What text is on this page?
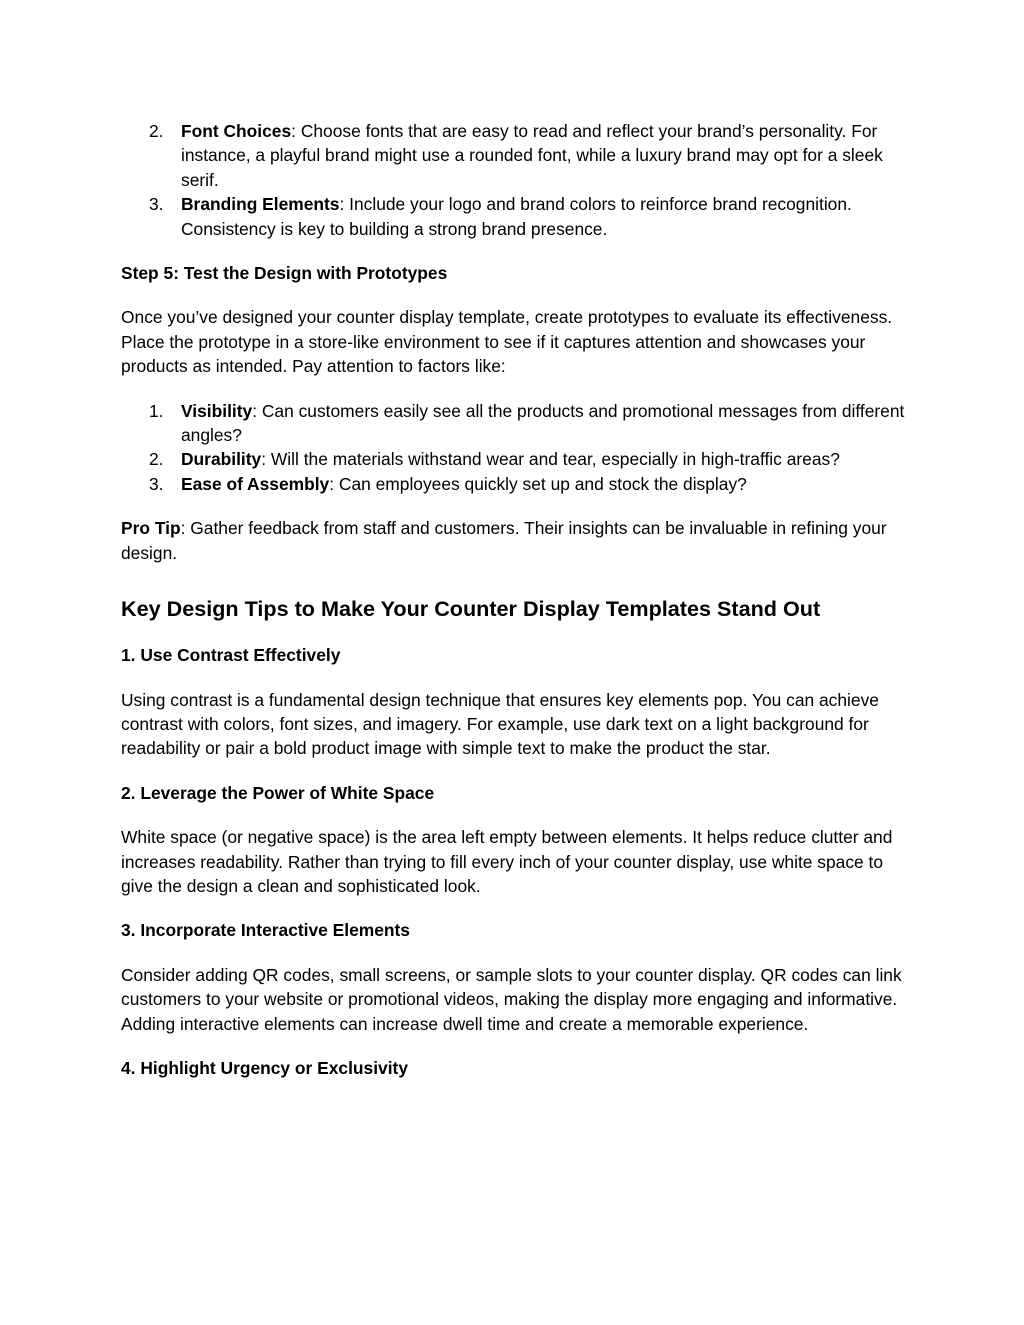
2.	Font Choices: Choose fonts that are easy to read and reflect your brand’s personality. For instance, a playful brand might use a rounded font, while a luxury brand may opt for a sleek serif.
3.	Branding Elements: Include your logo and brand colors to reinforce brand recognition. Consistency is key to building a strong brand presence.

Step 5: Test the Design with Prototypes

Once you’ve designed your counter display template, create prototypes to evaluate its effectiveness. Place the prototype in a store-like environment to see if it captures attention and showcases your products as intended. Pay attention to factors like:

1.	Visibility: Can customers easily see all the products and promotional messages from different angles?
2.	Durability: Will the materials withstand wear and tear, especially in high-traffic areas?
3.	Ease of Assembly: Can employees quickly set up and stock the display?

Pro Tip: Gather feedback from staff and customers. Their insights can be invaluable in refining your design.

Key Design Tips to Make Your Counter Display Templates Stand Out

1. Use Contrast Effectively

Using contrast is a fundamental design technique that ensures key elements pop. You can achieve contrast with colors, font sizes, and imagery. For example, use dark text on a light background for readability or pair a bold product image with simple text to make the product the star.

2. Leverage the Power of White Space

White space (or negative space) is the area left empty between elements. It helps reduce clutter and increases readability. Rather than trying to fill every inch of your counter display, use white space to give the design a clean and sophisticated look.

3. Incorporate Interactive Elements

Consider adding QR codes, small screens, or sample slots to your counter display. QR codes can link customers to your website or promotional videos, making the display more engaging and informative. Adding interactive elements can increase dwell time and create a memorable experience.

4. Highlight Urgency or Exclusivity
